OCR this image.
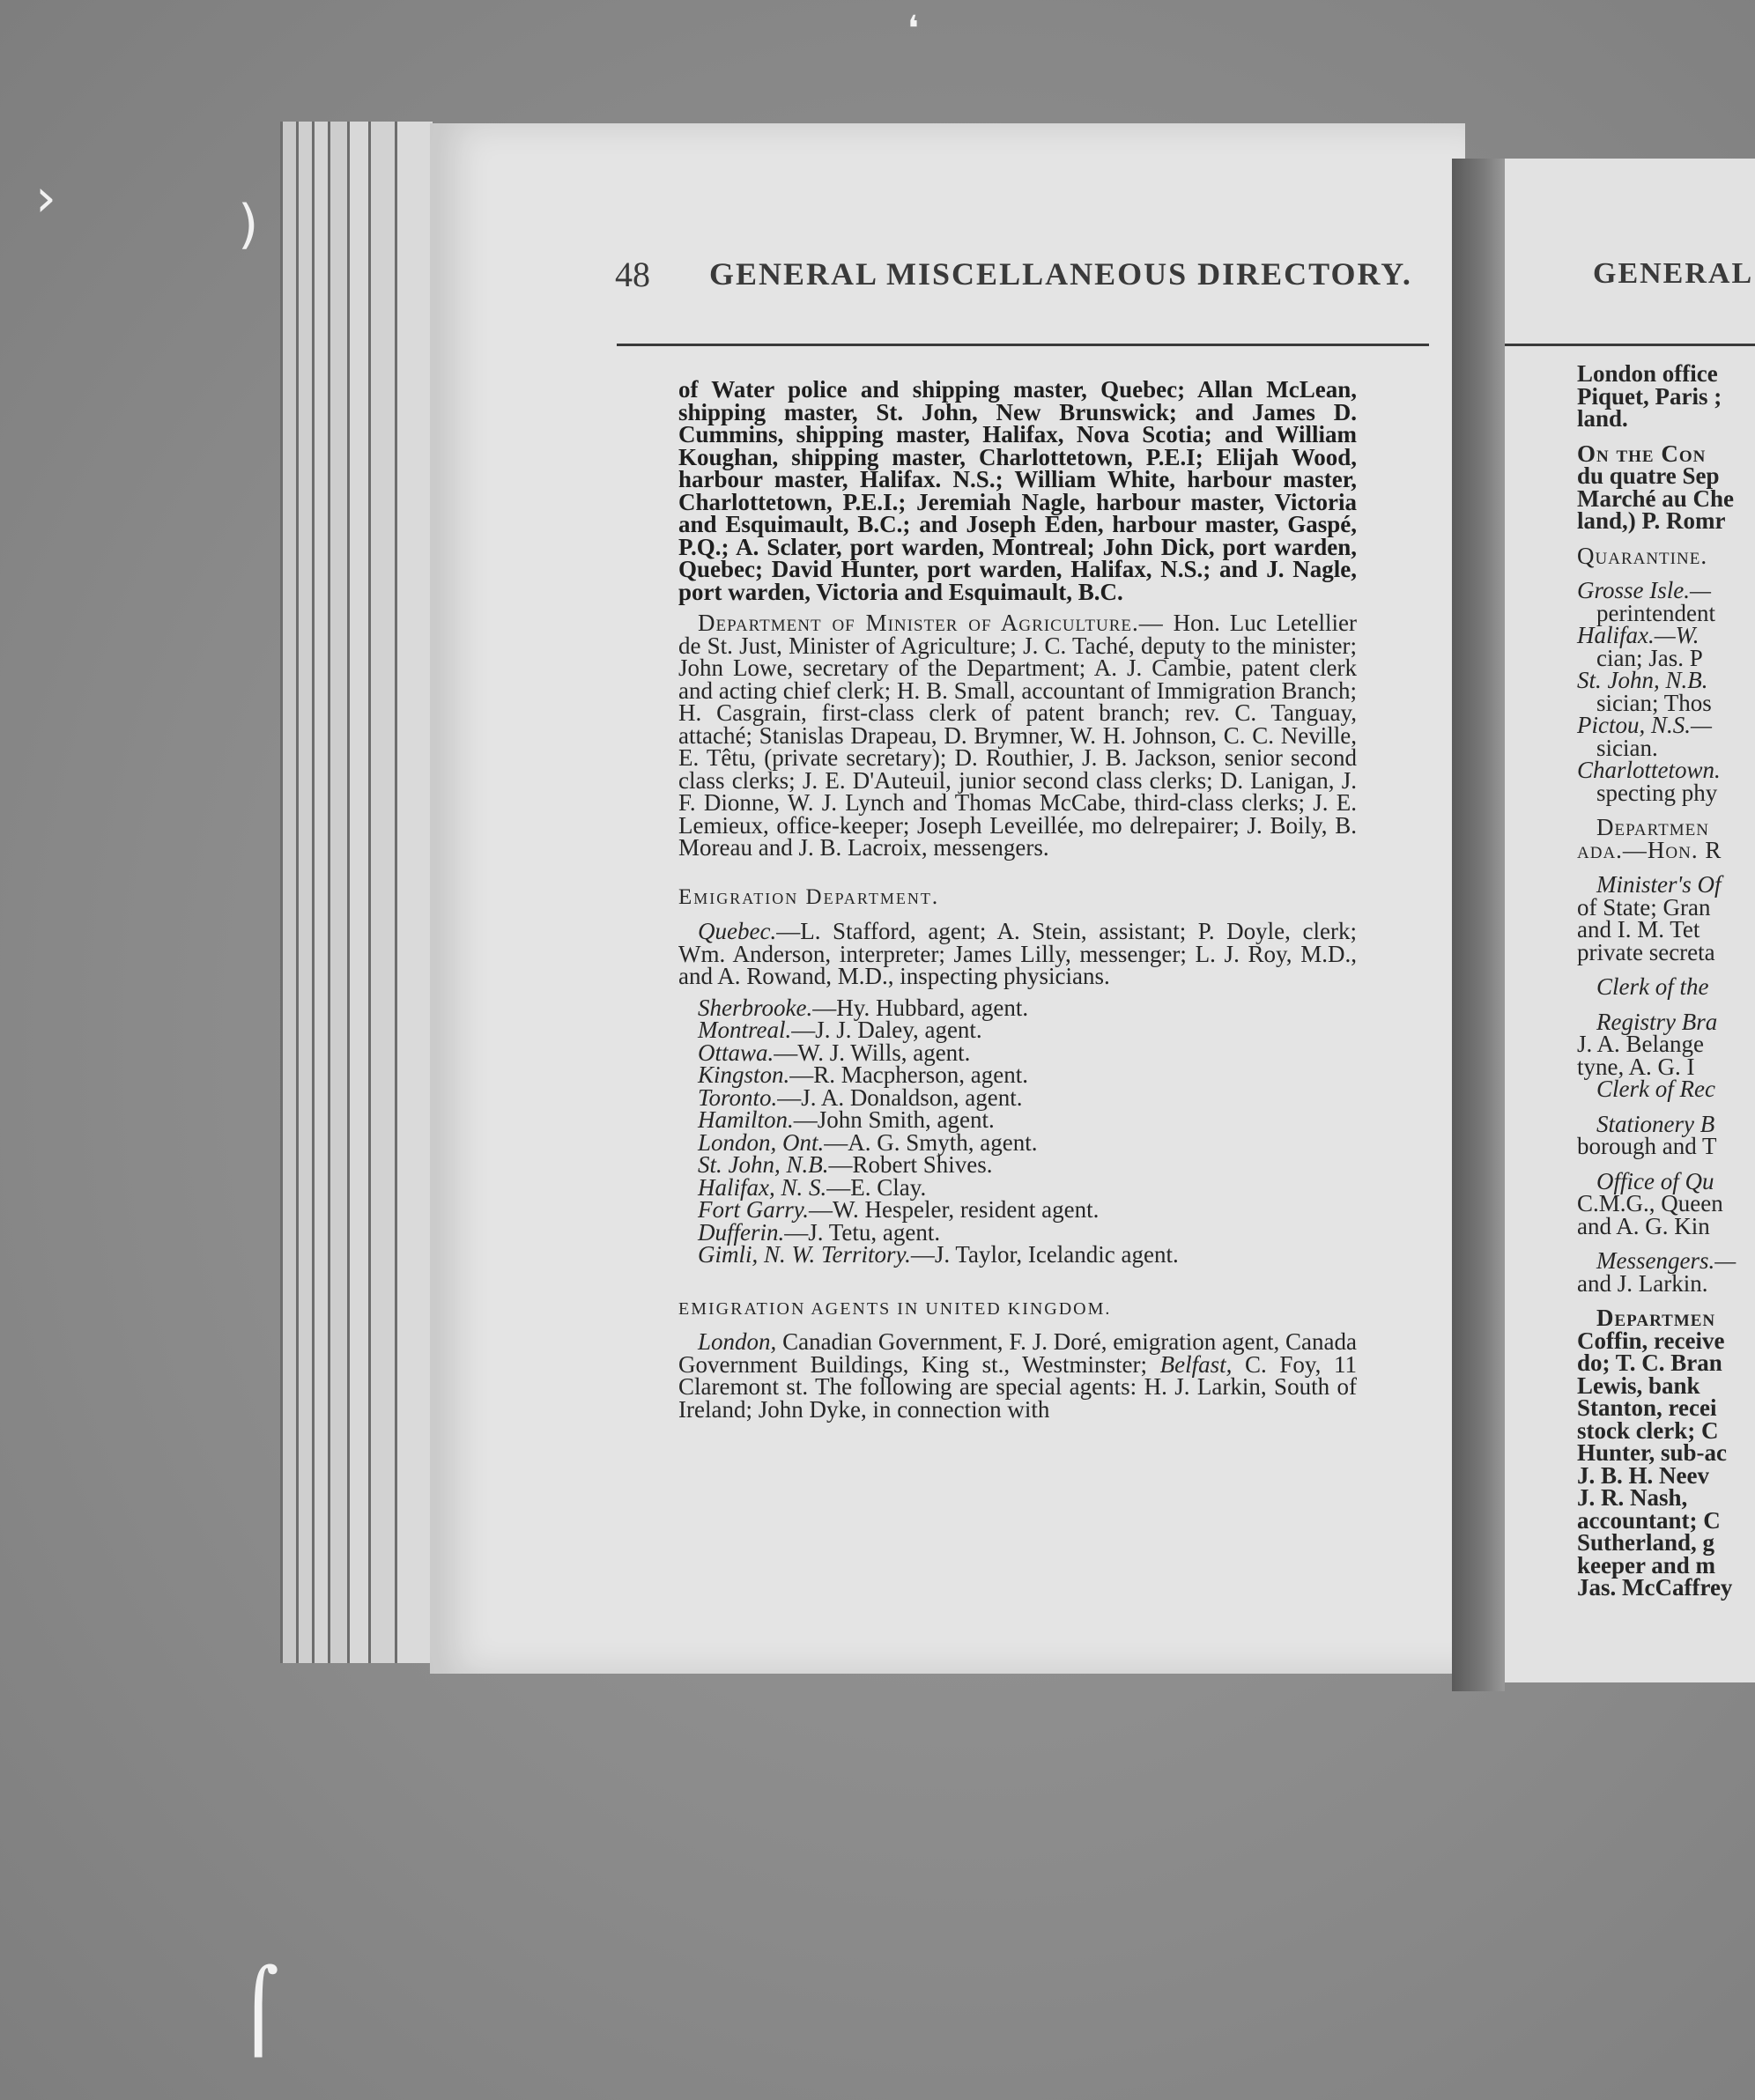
48 GENERAL MISCELLANEOUS DIRECTORY.

of Water police and shipping master, Quebec; Allan McLean, shipping master, St. John, New Brunswick; and James D. Cummins, shipping master, Halifax, Nova Scotia; and William Koughan, shipping master, Charlottetown, P.E.I; Elijah Wood, harbour master, Halifax. N.S.; William White, harbour master, Charlottetown, P.E.I.; Jeremiah Nagle, harbour master, Victoria and Esquimault, B.C.; and Joseph Eden, harbour master, Gaspé, P.Q.; A. Sclater, port warden, Montreal; John Dick, port warden, Quebec; David Hunter, port warden, Halifax, N.S.; and J. Nagle, port warden, Victoria and Esquimault, B.C.

Department of Minister of Agriculture.— Hon. Luc Letellier de St. Just, Minister of Agriculture; J. C. Taché, deputy to the minister; John Lowe, secretary of the Department; A. J. Cambie, patent clerk and acting chief clerk; H. B. Small, accountant of Immigration Branch; H. Casgrain, first-class clerk of patent branch; rev. C. Tanguay, attaché; Stanislas Drapeau, D. Brymner, W. H. Johnson, C. C. Neville, E. Têtu, (private secretary); D. Routhier, J. B. Jackson, senior second class clerks; J. E. D'Auteuil, junior second class clerks; D. Lanigan, J. F. Dionne, W. J. Lynch and Thomas McCabe, third-class clerks; J. E. Lemieux, office-keeper; Joseph Leveillée, mo delrepairer; J. Boily, B. Moreau and J. B. Lacroix, messengers.

Emigration Department.

Quebec.—L. Stafford, agent; A. Stein, assistant; P. Doyle, clerk; Wm. Anderson, interpreter; James Lilly, messenger; L. J. Roy, M.D., and A. Rowand, M.D., inspecting physicians.

Sherbrooke.—Hy. Hubbard, agent.
Montreal.—J. J. Daley, agent.
Ottawa.—W. J. Wills, agent.
Kingston.—R. Macpherson, agent.
Toronto.—J. A. Donaldson, agent.
Hamilton.—John Smith, agent.
London, Ont.—A. G. Smyth, agent.
St. John, N.B.—Robert Shives.
Halifax, N. S.—E. Clay.
Fort Garry.—W. Hespeler, resident agent.
Dufferin.—J. Tetu, agent.

Gimli, N. W. Territory.—J. Taylor, Icelandic agent.

EMIGRATION AGENTS IN UNITED KINGDOM.

London, Canadian Government, F. J. Doré, emigration agent, Canada Government Buildings, King st., Westminster; Belfast, C. Foy, 11 Claremont st. The following are special agents: H. J. Larkin, South of Ireland; John Dyke, in connection with

GENERAL
London office
Piquet, Paris ;
land.
On the Con
du quatre Sep
Marché au Che
land,) P. Romr
Quarantine.
Grosse Isle.—
perintendent
Halifax.—W.
cian; Jas. P
St. John, N.B.
sician; Thos
Pictou, N.S.—
sician.
Charlottetown.
specting phy
Departmen
ada.—Hon. R
Minister's Of
of State; Gran
and I. M. Tet
private secreta
Clerk of the
Registry Bra
J. A. Belange
tyne, A. G. I
Clerk of Rec
Stationery B
borough and T
Office of Qu
C.M.G., Queen
and A. G. Kin
Messengers.—
and J. Larkin.
Departmen
Coffin, receive
do; T. C. Bran
Lewis, bank
Stanton, recei
stock clerk; C
Hunter, sub-ac
J. B. H. Neev
J. R. Nash,
accountant; C
Sutherland, g
keeper and m
Jas. McCaffrey
›	)
❛
⌠
